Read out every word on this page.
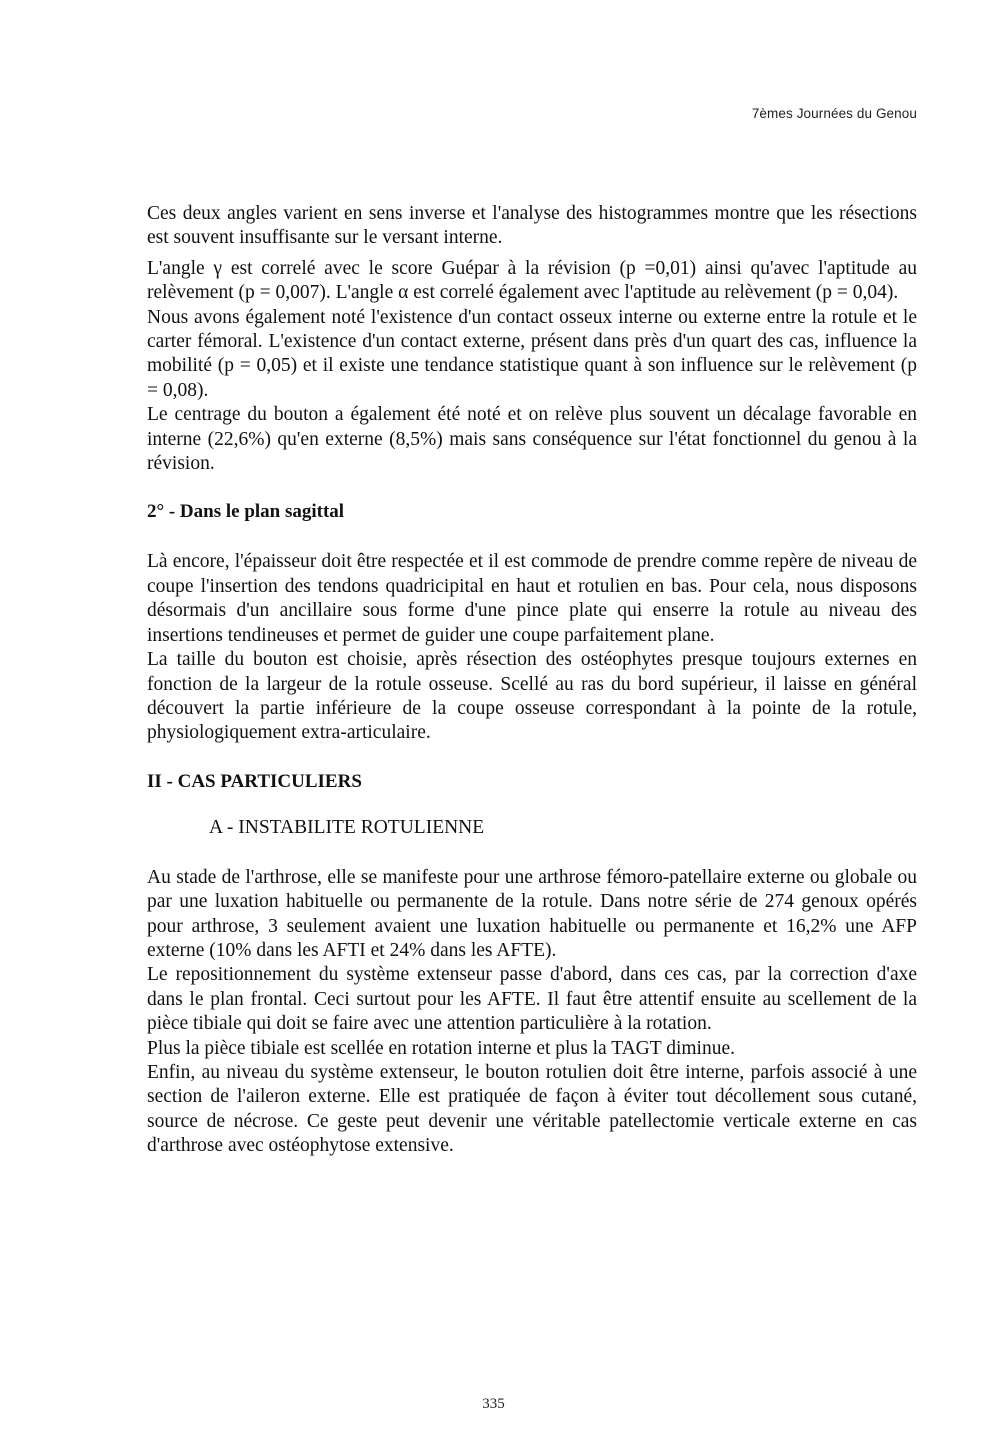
7èmes Journées du Genou

Ces deux angles varient en sens inverse et l'analyse des histogrammes montre que les résections est souvent insuffisante sur le versant interne.

L'angle γ est correlé avec le score Guépar à la révision (p =0,01) ainsi qu'avec l'aptitude au relèvement (p = 0,007). L'angle α est correlé également avec l'aptitude au relèvement (p = 0,04).

Nous avons également noté l'existence d'un contact osseux interne ou externe entre la rotule et le carter fémoral. L'existence d'un contact externe, présent dans près d'un quart des cas, influence la mobilité (p = 0,05) et il existe une tendance statistique quant à son influence sur le relèvement (p = 0,08).

Le centrage du bouton a également été noté et on relève plus souvent un décalage favorable en interne (22,6%) qu'en externe (8,5%) mais sans conséquence sur l'état fonctionnel du genou à la révision.

2° - Dans le plan sagittal

Là encore, l'épaisseur doit être respectée et il est commode de prendre comme repère de niveau de coupe l'insertion des tendons quadricipital en haut et rotulien en bas. Pour cela, nous disposons désormais d'un ancillaire sous forme d'une pince plate qui enserre la rotule au niveau des insertions tendineuses et permet de guider une coupe parfaitement plane.

La taille du bouton est choisie, après résection des ostéophytes presque toujours externes en fonction de la largeur de la rotule osseuse. Scellé au ras du bord supérieur, il laisse en général découvert la partie inférieure de la coupe osseuse correspondant à la pointe de la rotule, physiologiquement extra-articulaire.

II - CAS PARTICULIERS

A - INSTABILITE ROTULIENNE

Au stade de l'arthrose, elle se manifeste pour une arthrose fémoro-patellaire externe ou globale ou par une luxation habituelle ou permanente de la rotule. Dans notre série de 274 genoux opérés pour arthrose, 3 seulement avaient une luxation habituelle ou permanente et 16,2% une AFP externe (10% dans les AFTI et 24% dans les AFTE).

Le repositionnement du système extenseur passe d'abord, dans ces cas, par la correction d'axe dans le plan frontal. Ceci surtout pour les AFTE. Il faut être attentif ensuite au scellement de la pièce tibiale qui doit se faire avec une attention particulière à la rotation.

Plus la pièce tibiale est scellée en rotation interne et plus la TAGT diminue.

Enfin, au niveau du système extenseur, le bouton rotulien doit être interne, parfois associé à une section de l'aileron externe. Elle est pratiquée de façon à éviter tout décollement sous cutané, source de nécrose. Ce geste peut devenir une véritable patellectomie verticale externe en cas d'arthrose avec ostéophytose extensive.

335
